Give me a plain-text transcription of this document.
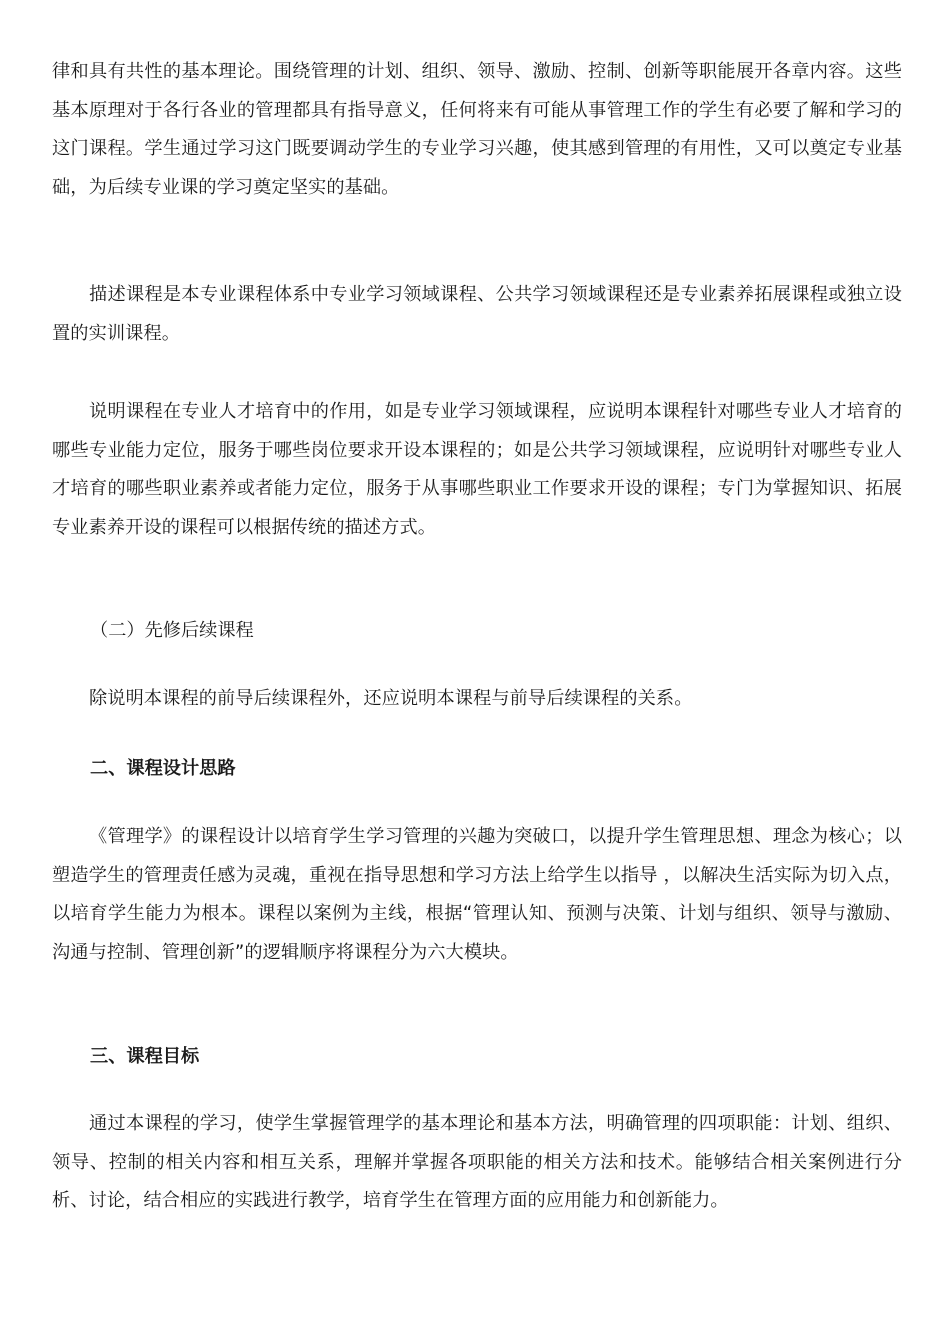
律和具有共性的基本理论。围绕管理的计划、组织、领导、激励、控制、创新等职能展开各章内容。这些基本原理对于各行各业的管理都具有指导意义，任何将来有可能从事管理工作的学生有必要了解和学习的这门课程。学生通过学习这门既要调动学生的专业学习兴趣，使其感到管理的有用性，又可以奠定专业基础，为后续专业课的学习奠定坚实的基础。

描述课程是本专业课程体系中专业学习领域课程、公共学习领域课程还是专业素养拓展课程或独立设置的实训课程。

说明课程在专业人才培育中的作用，如是专业学习领域课程，应说明本课程针对哪些专业人才培育的哪些专业能力定位，服务于哪些岗位要求开设本课程的；如是公共学习领域课程，应说明针对哪些专业人才培育的哪些职业素养或者能力定位，服务于从事哪些职业工作要求开设的课程；专门为掌握知识、拓展专业素养开设的课程可以根据传统的描述方式。

（二）先修后续课程

除说明本课程的前导后续课程外，还应说明本课程与前导后续课程的关系。

二、课程设计思路

《管理学》的课程设计以培育学生学习管理的兴趣为突破口，以提升学生管理思想、理念为核心；以塑造学生的管理责任感为灵魂，重视在指导思想和学习方法上给学生以指导 ，以解决生活实际为切入点，以培育学生能力为根本。课程以案例为主线，根据“管理认知、预测与决策、计划与组织、领导与激励、沟通与控制、管理创新”的逻辑顺序将课程分为六大模块。

三、课程目标

通过本课程的学习，使学生掌握管理学的基本理论和基本方法，明确管理的四项职能：计划、组织、领导、控制的相关内容和相互关系，理解并掌握各项职能的相关方法和技术。能够结合相关案例进行分析、讨论，结合相应的实践进行教学，培育学生在管理方面的应用能力和创新能力。
